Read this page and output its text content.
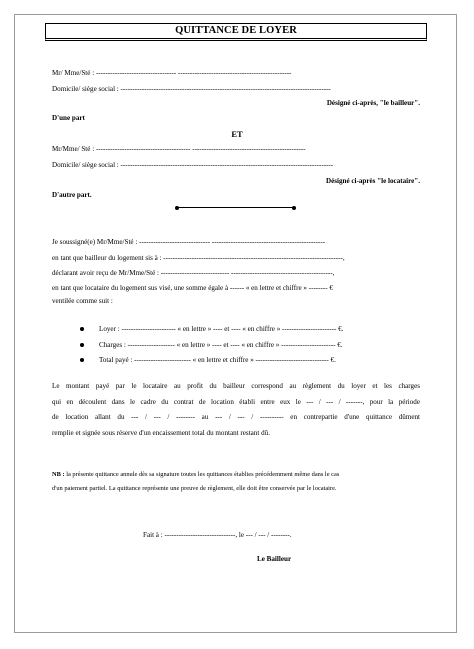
QUITTANCE DE LOYER
Mr/ Mme/Sté : ---------------------------------- ------------------------------------------------
Domicile/ siège social : -----------------------------------------------------------------------------------------
Désigné ci-après, "le bailleur".
D'une part
ET
Mr/Mme/ Sté : ---------------------------------------- ------------------------------------------------
Domicile/ siège social : ------------------------------------------------------------------------------------------
Désigné ci-après "le locataire".
D'autre part.
Je soussigné(e) Mr/Mme/Sté : ------------------------------ ------------------------------------------------
en tant que bailleur du logement sis à : ----------------------------------------------------------------------------,
déclarant avoir reçu de Mr/Mme/Sté : ----------------------------- -------------------------------------------,
en tant que locataire du logement sus visé, une somme égale à ------ « en lettre et chiffre » -------- €
ventilée comme suit :
Loyer : ----------------------- « en lettre » ---- et ---- « en chiffre » ----------------------- €.
Charges : -------------------- « en lettre » ---- et ---- « en chiffre » ----------------------- €.
Total payé : ------------------------ « en lettre et chiffre » ------------------------------- €.
Le montant payé par le locataire au profit du bailleur correspond au règlement du loyer et les charges
qui en découlent dans le cadre du contrat de location établi entre eux le --- / --- / -------, pour la période
de location allant du --- / --- / -------- au --- / --- / ---------- en contrepartie d'une quittance dûment
remplie et signée sous réserve d'un encaissement total du montant restant dû.
NB : la présente quittance annule dès sa signature toutes les quittances établies précédemment même dans le cas
d'un paiement partiel. La quittance représente une preuve de règlement, elle doit être conservée par le locataire.
Fait à : ------------------------------, le --- / --- / --------.
Le Bailleur
